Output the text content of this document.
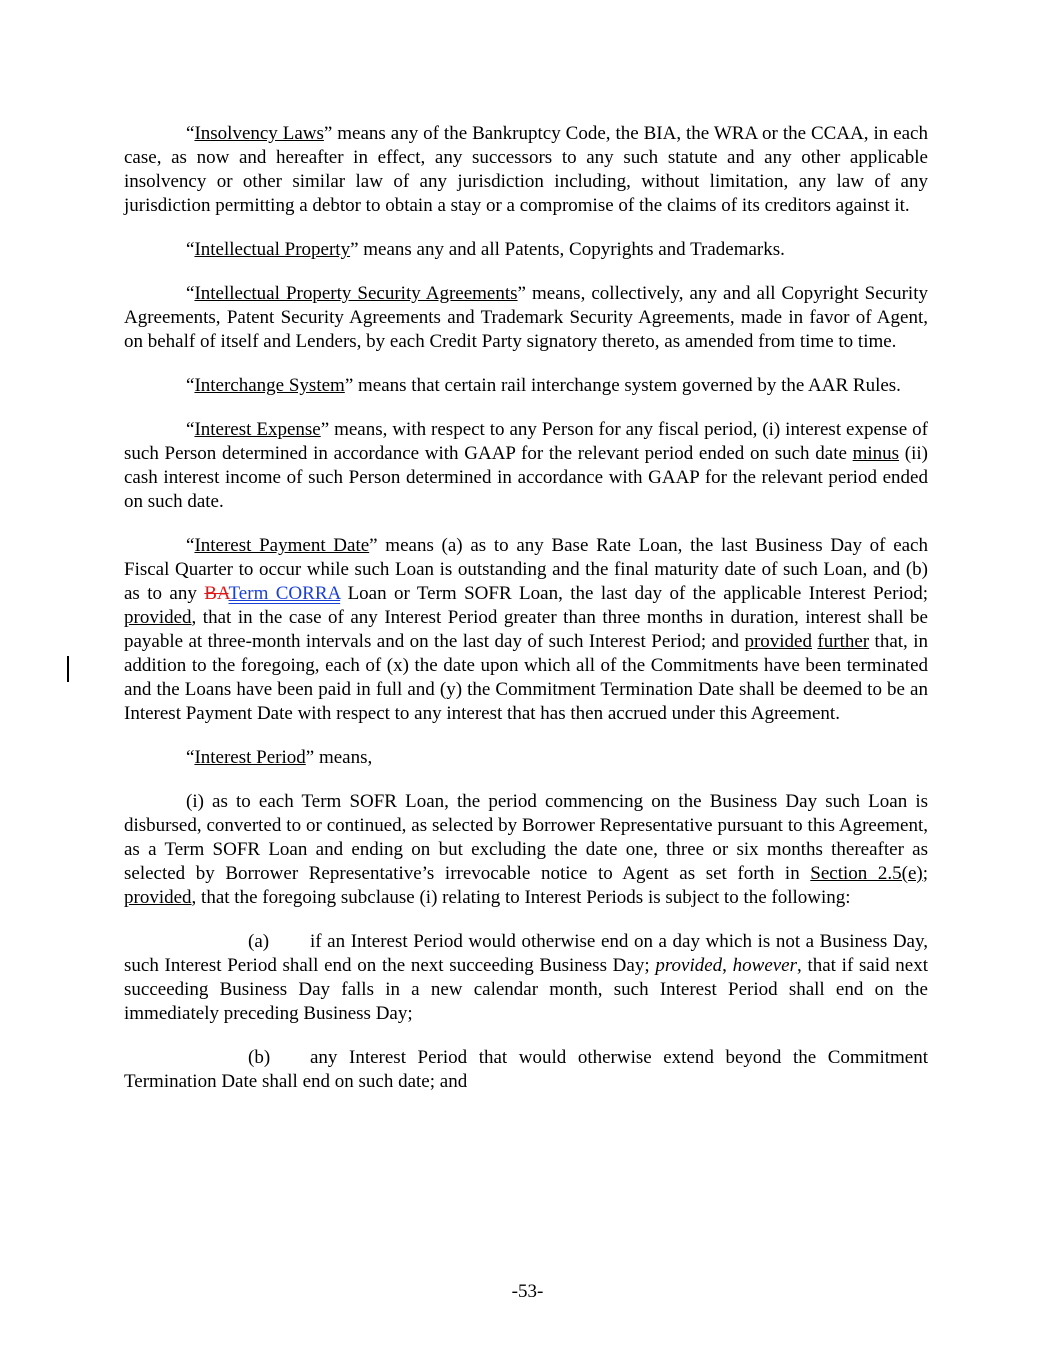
“Insolvency Laws” means any of the Bankruptcy Code, the BIA, the WRA or the CCAA, in each case, as now and hereafter in effect, any successors to any such statute and any other applicable insolvency or other similar law of any jurisdiction including, without limitation, any law of any jurisdiction permitting a debtor to obtain a stay or a compromise of the claims of its creditors against it.

“Intellectual Property” means any and all Patents, Copyrights and Trademarks.

“Intellectual Property Security Agreements” means, collectively, any and all Copyright Security Agreements, Patent Security Agreements and Trademark Security Agreements, made in favor of Agent, on behalf of itself and Lenders, by each Credit Party signatory thereto, as amended from time to time.

“Interchange System” means that certain rail interchange system governed by the AAR Rules.

“Interest Expense” means, with respect to any Person for any fiscal period, (i) interest expense of such Person determined in accordance with GAAP for the relevant period ended on such date minus (ii) cash interest income of such Person determined in accordance with GAAP for the relevant period ended on such date.

“Interest Payment Date” means (a) as to any Base Rate Loan, the last Business Day of each Fiscal Quarter to occur while such Loan is outstanding and the final maturity date of such Loan, and (b) as to any BATerm CORRA Loan or Term SOFR Loan, the last day of the applicable Interest Period; provided, that in the case of any Interest Period greater than three months in duration, interest shall be payable at three-month intervals and on the last day of such Interest Period; and provided further that, in addition to the foregoing, each of (x) the date upon which all of the Commitments have been terminated and the Loans have been paid in full and (y) the Commitment Termination Date shall be deemed to be an Interest Payment Date with respect to any interest that has then accrued under this Agreement.

“Interest Period” means,

(i) as to each Term SOFR Loan, the period commencing on the Business Day such Loan is disbursed, converted to or continued, as selected by Borrower Representative pursuant to this Agreement, as a Term SOFR Loan and ending on but excluding the date one, three or six months thereafter as selected by Borrower Representative’s irrevocable notice to Agent as set forth in Section 2.5(e); provided, that the foregoing subclause (i) relating to Interest Periods is subject to the following:

(a) if an Interest Period would otherwise end on a day which is not a Business Day, such Interest Period shall end on the next succeeding Business Day; provided, however, that if said next succeeding Business Day falls in a new calendar month, such Interest Period shall end on the immediately preceding Business Day;

(b) any Interest Period that would otherwise extend beyond the Commitment Termination Date shall end on such date; and

-53-
